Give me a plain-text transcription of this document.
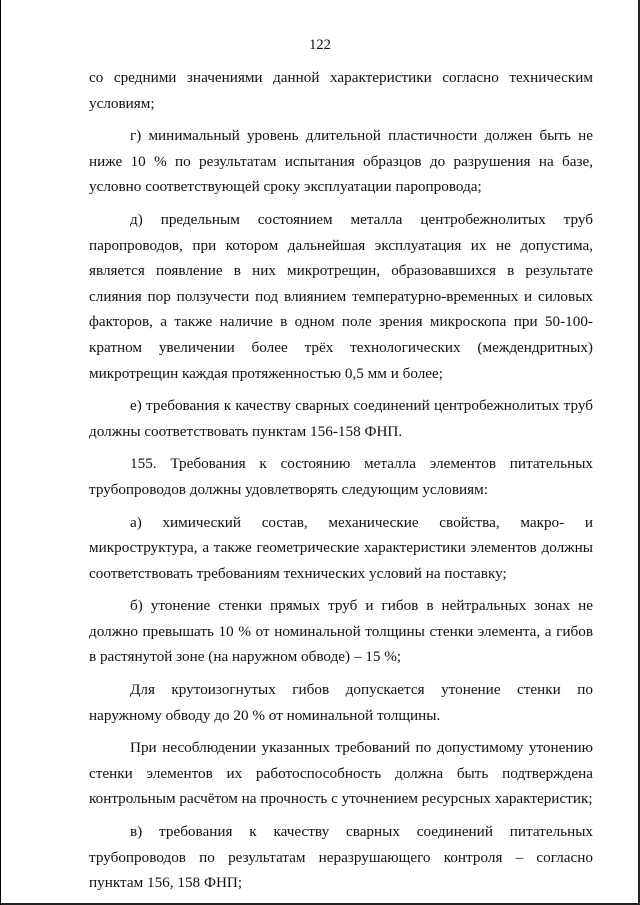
122

со средними значениями данной характеристики согласно техническим условиям;

г) минимальный уровень длительной пластичности должен быть не ниже 10 % по результатам испытания образцов до разрушения на базе, условно соответствующей сроку эксплуатации паропровода;

д) предельным состоянием металла центробежнолитых труб паропроводов, при котором дальнейшая эксплуатация их не допустима, является появление в них микротрещин, образовавшихся в результате слияния пор ползучести под влиянием температурно-временных и силовых факторов, а также наличие в одном поле зрения микроскопа при 50-100-кратном увеличении более трёх технологических (междендритных) микротрещин каждая протяженностью 0,5 мм и более;

е) требования к качеству сварных соединений центробежнолитых труб должны соответствовать пунктам 156-158 ФНП.

155. Требования к состоянию металла элементов питательных трубопроводов должны удовлетворять следующим условиям:

а) химический состав, механические свойства, макро- и микроструктура, а также геометрические характеристики элементов должны соответствовать требованиям технических условий на поставку;

б) утонение стенки прямых труб и гибов в нейтральных зонах не должно превышать 10 % от номинальной толщины стенки элемента, а гибов в растянутой зоне (на наружном обводе) – 15 %;

Для крутоизогнутых гибов допускается утонение стенки по наружному обводу до 20 % от номинальной толщины.

При несоблюдении указанных требований по допустимому утонению стенки элементов их работоспособность должна быть подтверждена контрольным расчётом на прочность с уточнением ресурсных характеристик;

в) требования к качеству сварных соединений питательных трубопроводов по результатам неразрушающего контроля – согласно пунктам 156, 158 ФНП;
